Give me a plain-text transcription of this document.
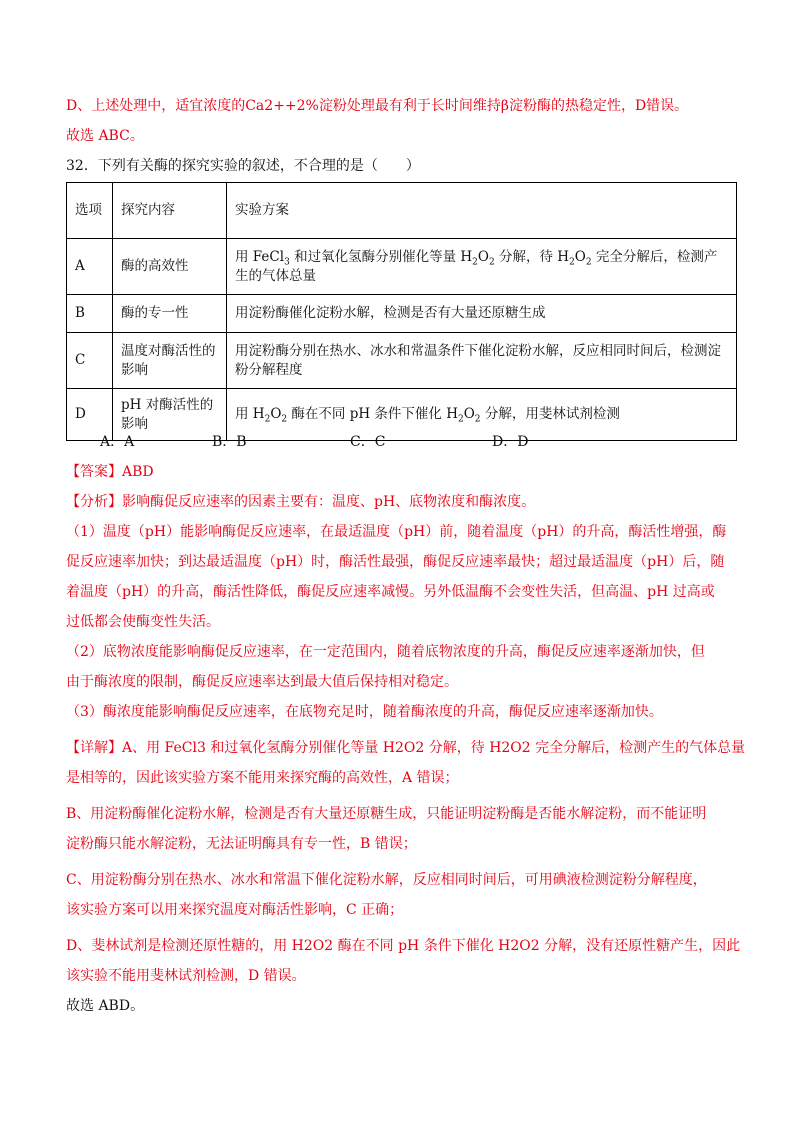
D、上述处理中，适宜浓度的Ca2++2%淀粉处理最有利于长时间维持β淀粉酶的热稳定性，D错误。
故选 ABC。
32．下列有关酶的探究实验的叙述，不合理的是（　　）
选项	探究内容	实验方案
A	酶的高效性	用 FeCl$_3$ 和过氧化氢酶分别催化等量 $H_2O_2$ 分解，待 $H_2O_2$ 完全分解后，检测产生的气体总量
B	酶的专一性	用淀粉酶催化淀粉水解，检测是否有大量还原糖生成
C	温度对酶活性的影响	用淀粉酶分别在热水、冰水和常温条件下催化淀粉水解，反应相同时间后，检测淀粉分解程度
D	pH 对酶活性的影响	用 $H_2O_2$ 酶在不同 pH 条件下催化 $H_2O_2$ 分解，用斐林试剂检测
A．A	B．B	C．C	D．D
【答案】ABD
【分析】影响酶促反应速率的因素主要有：温度、pH、底物浓度和酶浓度。
（1）温度（pH）能影响酶促反应速率，在最适温度（pH）前，随着温度（pH）的升高，酶活性增强，酶
促反应速率加快；到达最适温度（pH）时，酶活性最强，酶促反应速率最快；超过最适温度（pH）后，随
着温度（pH）的升高，酶活性降低，酶促反应速率减慢。另外低温酶不会变性失活，但高温、pH 过高或
过低都会使酶变性失活。
（2）底物浓度能影响酶促反应速率，在一定范围内，随着底物浓度的升高，酶促反应速率逐渐加快，但
由于酶浓度的限制，酶促反应速率达到最大值后保持相对稳定。
（3）酶浓度能影响酶促反应速率，在底物充足时，随着酶浓度的升高，酶促反应速率逐渐加快。
【详解】A、用 FeCl3 和过氧化氢酶分别催化等量 H2O2 分解，待 H2O2 完全分解后，检测产生的气体总量
是相等的，因此该实验方案不能用来探究酶的高效性，A 错误；
B、用淀粉酶催化淀粉水解，检测是否有大量还原糖生成，只能证明淀粉酶是否能水解淀粉，而不能证明
淀粉酶只能水解淀粉，无法证明酶具有专一性，B 错误；
C、用淀粉酶分别在热水、冰水和常温下催化淀粉水解，反应相同时间后，可用碘液检测淀粉分解程度，
该实验方案可以用来探究温度对酶活性影响，C 正确；
D、斐林试剂是检测还原性糖的，用 H2O2 酶在不同 pH 条件下催化 H2O2 分解，没有还原性糖产生，因此
该实验不能用斐林试剂检测，D 错误。
故选 ABD。
